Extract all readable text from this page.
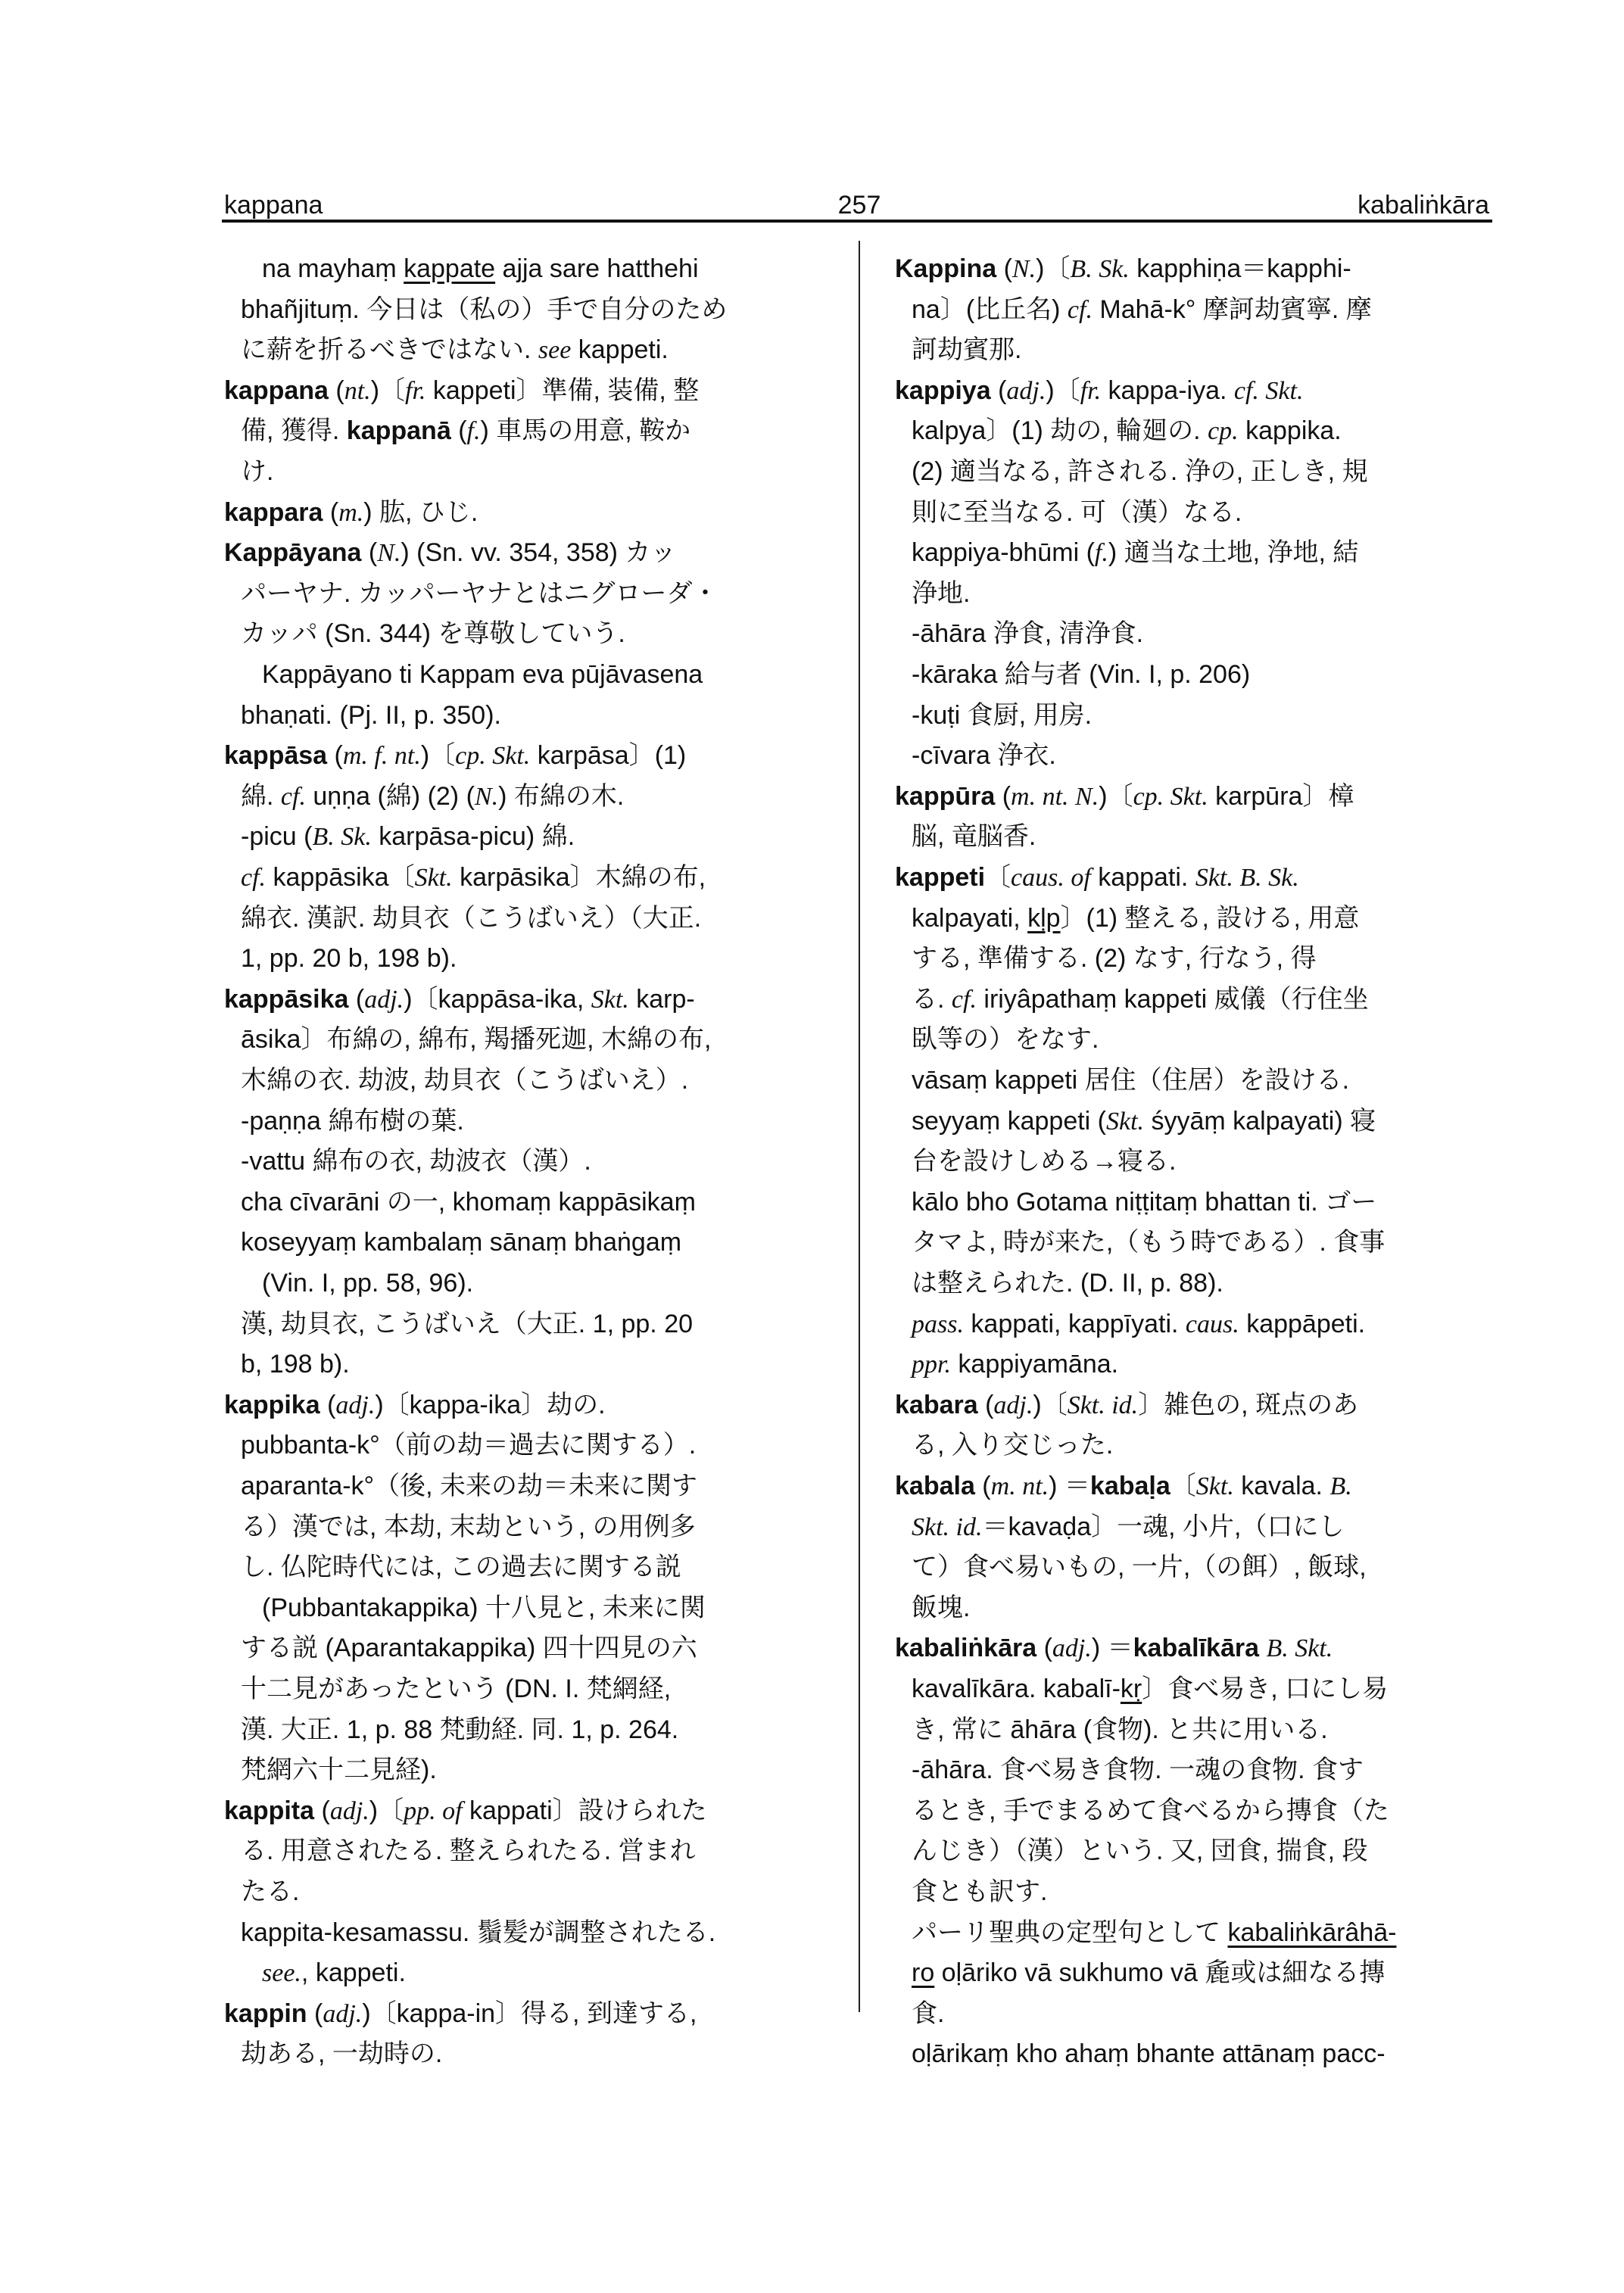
kappana	257	kabaliṅkāra
na mayhaṃ kappate ajja sare hatthehi
bhañjituṃ. 今日は（私の）手で自分のため
に薪を折るべきではない. see kappeti.
kappana (nt.)〔fr. kappeti〕準備, 装備, 整
備, 獲得. kappanā (f.) 車馬の用意, 鞍か
け.
kappara (m.) 肱, ひじ.
Kappāyana (N.) (Sn. vv. 354, 358) カッ
パーヤナ. カッパーヤナとはニグローダ・
カッパ (Sn. 344) を尊敬していう.
Kappāyano ti Kappam eva pūjāvasena
bhaṇati. (Pj. II, p. 350).
kappāsa (m. f. nt.)〔cp. Skt. karpāsa〕(1)
綿. cf. uṇṇa (綿) (2) (N.) 布綿の木.
-picu (B. Sk. karpāsa-picu) 綿.
cf. kappāsika〔Skt. karpāsika〕木綿の布,
綿衣. 漢訳. 劫貝衣（こうばいえ）（大正.
1, pp. 20 b, 198 b).
kappāsika (adj.)〔kappāsa-ika, Skt. karp-
āsika〕布綿の, 綿布, 羯播死迦, 木綿の布,
木綿の衣. 劫波, 劫貝衣（こうばいえ）.
-paṇṇa 綿布樹の葉.
-vattu 綿布の衣, 劫波衣（漢）.
cha cīvarāni の一, khomaṃ kappāsikaṃ
koseyyaṃ kambalaṃ sānaṃ bhaṅgaṃ
(Vin. I, pp. 58, 96).
漢, 劫貝衣, こうばいえ（大正. 1, pp. 20
b, 198 b).
kappika (adj.)〔kappa-ika〕劫の.
pubbanta-k°（前の劫＝過去に関する）.
aparanta-k°（後, 未来の劫＝未来に関す
る）漢では, 本劫, 末劫という, の用例多
し. 仏陀時代には, この過去に関する説
(Pubbantakappika) 十八見と, 未来に関
する説 (Aparantakappika) 四十四見の六
十二見があったという (DN. I. 梵網経,
漢. 大正. 1, p. 88 梵動経. 同. 1, p. 264.
梵網六十二見経).
kappita (adj.)〔pp. of kappati〕設けられた
る. 用意されたる. 整えられたる. 営まれ
たる.
kappita-kesamassu. 鬚髪が調整されたる.
see., kappeti.
kappin (adj.)〔kappa-in〕得る, 到達する,
劫ある, 一劫時の.
Kappina (N.)〔B. Sk. kapphiṇa＝kapphi-
na〕(比丘名) cf. Mahā-k° 摩訶劫賓寧. 摩
訶劫賓那.
kappiya (adj.)〔fr. kappa-iya. cf. Skt.
kalpya〕(1) 劫の, 輪廻の. cp. kappika.
(2) 適当なる, 許される. 浄の, 正しき, 規
則に至当なる. 可（漢）なる.
kappiya-bhūmi (f.) 適当な土地, 浄地, 結
浄地.
-āhāra 浄食, 清浄食.
-kāraka 給与者 (Vin. I, p. 206)
-kuṭi 食厨, 用房.
-cīvara 浄衣.
kappūra (m. nt. N.)〔cp. Skt. karpūra〕樟
脳, 竜脳香.
kappeti〔caus. of kappati. Skt. B. Sk.
kalpayati, kḷp〕(1) 整える, 設ける, 用意
する, 準備する. (2) なす, 行なう, 得
る. cf. iriyâpathaṃ kappeti 威儀（行住坐
臥等の）をなす.
vāsaṃ kappeti 居住（住居）を設ける.
seyyaṃ kappeti (Skt. śyyāṃ kalpayati) 寝
台を設けしめる→寝る.
kālo bho Gotama niṭṭitaṃ bhattan ti. ゴー
タマよ, 時が来た,（もう時である）. 食事
は整えられた. (D. II, p. 88).
pass. kappati, kappīyati. caus. kappāpeti.
ppr. kappiyamāna.
kabara (adj.)〔Skt. id.〕雑色の, 斑点のあ
る, 入り交じった.
kabala (m. nt.) ＝kabaḷa〔Skt. kavala. B.
Skt. id.＝kavaḍa〕一魂, 小片,（口にし
て）食べ易いもの, 一片,（の餌）, 飯球,
飯塊.
kabaliṅkāra (adj.) ＝kabalīkāra B. Skt.
kavalīkāra. kabalī-kṛ〕食べ易き, 口にし易
き, 常に āhāra (食物). と共に用いる.
-āhāra. 食べ易き食物. 一魂の食物. 食す
るとき, 手でまるめて食べるから摶食（た
んじき）（漢）という. 又, 団食, 揣食, 段
食とも訳す.
パーリ聖典の定型句として kabaliṅkārâhā-
ro oḷāriko vā sukhumo vā 麁或は細なる摶
食.
oḷārikaṃ kho ahaṃ bhante attānaṃ pacc-
